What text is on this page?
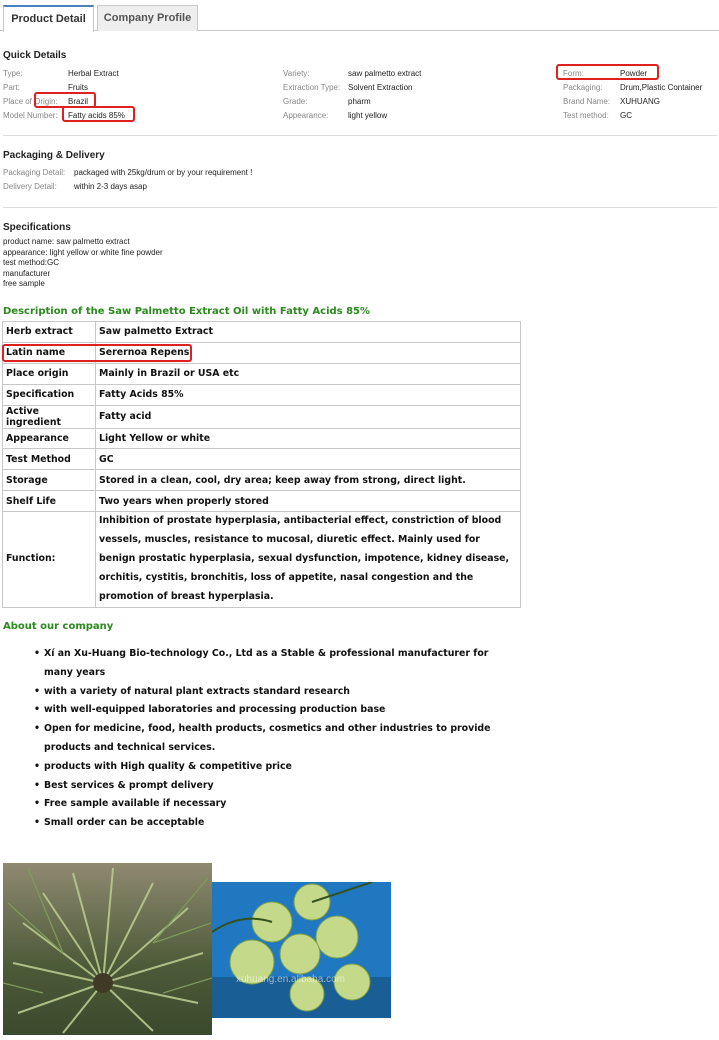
Product Detail	Company Profile
Quick Details
Type:	Herbal Extract
Part:	Fruits
Place of Origin: Brazil
Model Number: Fatty acids 85%
Variety:	saw palmetto extract
Extraction Type: Solvent Extraction
Grade:	pharm
Appearance: light yellow
Form:	Powder
Packaging: Drum,Plastic Container
Brand Name: XUHUANG
Test method: GC
Packaging & Delivery
Packaging Detail: packaged with 25kg/drum or by your requirement !
Delivery Detail: within 2-3 days asap
Specifications
product name: saw palmetto extract
appearance: light yellow or white fine powder
test method:GC
manufacturer
free sample
Description of the Saw Palmetto Extract Oil with Fatty Acids 85%
Herb extract	Saw palmetto Extract
Latin name	Serernoa Repens
Place origin	Mainly in Brazil or USA etc
Specification	Fatty Acids 85%
Active ingredient	Fatty acid
Appearance	Light Yellow or white
Test Method	GC
Storage	Stored in a clean, cool, dry area; keep away from strong, direct light.
Shelf Life	Two years when properly stored
Function:	Inhibition of prostate hyperplasia, antibacterial effect, constriction of blood vessels, muscles, resistance to mucosal, diuretic effect. Mainly used for benign prostatic hyperplasia, sexual dysfunction, impotence, kidney disease, orchitis, cystitis, bronchitis, loss of appetite, nasal congestion and the promotion of breast hyperplasia.
About our company
• Xí an Xu-Huang Bio-technology Co., Ltd as a Stable & professional manufacturer for many years
• with a variety of natural plant extracts standard research
• with well-equipped laboratories and processing production base
• Open for medicine, food, health products, cosmetics and other industries to provide products and technical services.
• products with High quality & competitive price
• Best services & prompt delivery
• Free sample available if necessary
• Small order can be acceptable
xuhuang.en.alibaba.com
